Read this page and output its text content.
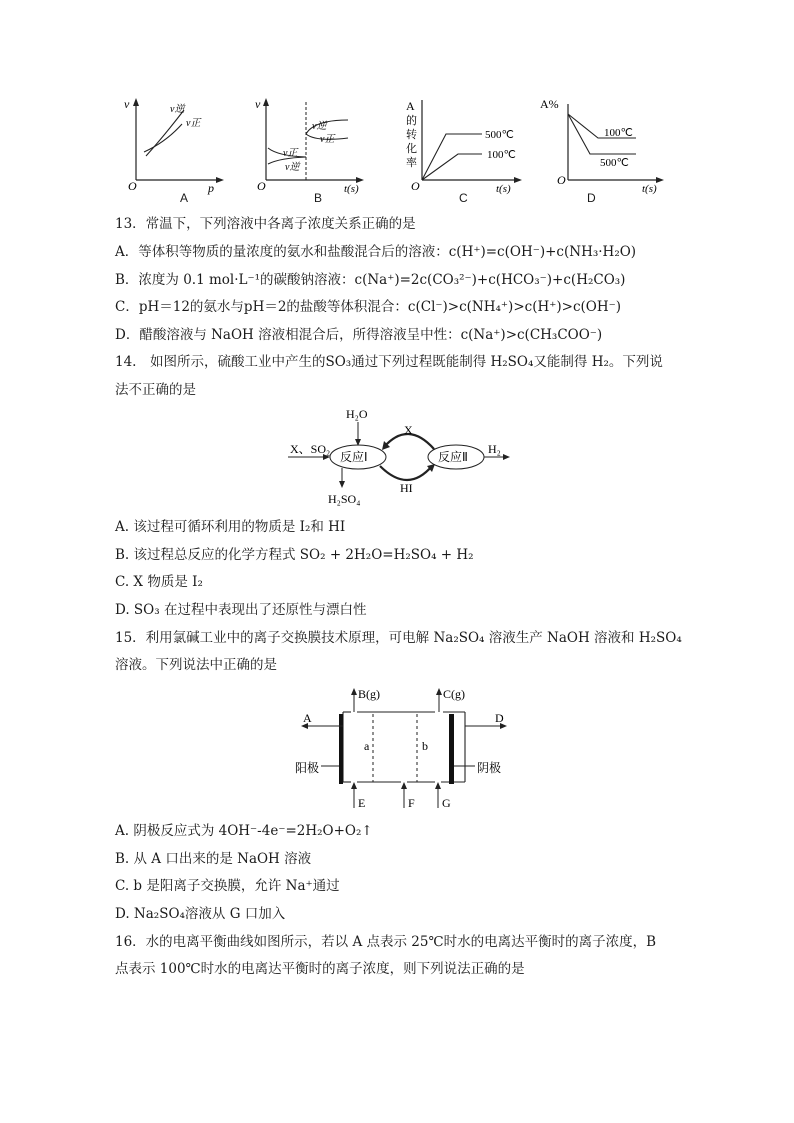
v
p
O
v逆
v正
A
v
t(s)
O
v正
v逆
v逆
v正
B
A
的
转
化
率
t(s)
O
500℃
100℃
C
A%
t(s)
O
100℃
500℃
D
13．常温下，下列溶液中各离子浓度关系正确的是
A．等体积等物质的量浓度的氨水和盐酸混合后的溶液：c(H⁺)=c(OH⁻)+c(NH₃·H₂O)
B．浓度为 0.1 mol·L⁻¹的碳酸钠溶液：c(Na⁺)=2c(CO₃²⁻)+c(HCO₃⁻)+c(H₂CO₃)
C．pH＝12的氨水与pH＝2的盐酸等体积混合：c(Cl⁻)>c(NH₄⁺)>c(H⁺)>c(OH⁻)
D．醋酸溶液与 NaOH 溶液相混合后，所得溶液呈中性：c(Na⁺)>c(CH₃COO⁻)
14.　如图所示，硫酸工业中产生的SO₃通过下列过程既能制得 H₂SO₄又能制得 H₂。下列说
法不正确的是
H₂O
X、SO₂
反应Ⅰ	反应Ⅱ
X
HI
H₂
H₂SO₄
A. 该过程可循环利用的物质是 I₂和 HI
B. 该过程总反应的化学方程式 SO₂ + 2H₂O=H₂SO₄ + H₂
C. X 物质是 I₂
D. SO₃ 在过程中表现出了还原性与漂白性
15．利用氯碱工业中的离子交换膜技术原理，可电解 Na₂SO₄ 溶液生产 NaOH 溶液和 H₂SO₄
溶液。下列说法中正确的是
B(g)	C(g)
A	D
a	b
阳极	阴极
E	F G
A. 阴极反应式为 4OH⁻-4e⁻=2H₂O+O₂↑
B. 从 A 口出来的是 NaOH 溶液
C. b 是阳离子交换膜，允许 Na⁺通过
D. Na₂SO₄溶液从 G 口加入
16．水的电离平衡曲线如图所示，若以 A 点表示 25℃时水的电离达平衡时的离子浓度，B
点表示 100℃时水的电离达平衡时的离子浓度，则下列说法正确的是
